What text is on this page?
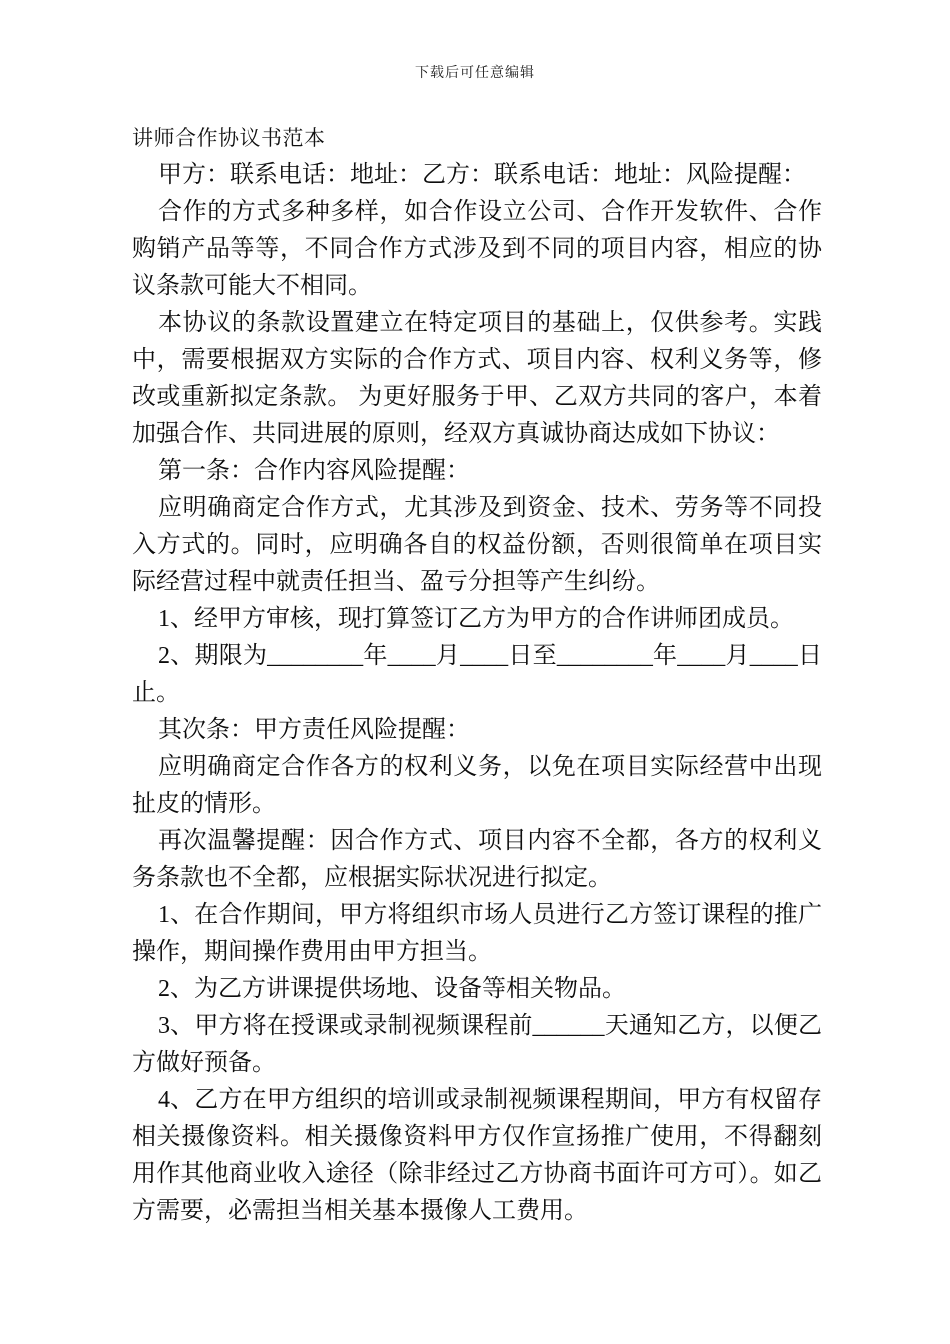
下载后可任意编辑
讲师合作协议书范本

甲方：联系电话：地址：乙方：联系电话：地址：风险提醒：

合作的方式多种多样，如合作设立公司、合作开发软件、合作购销产品等等，不同合作方式涉及到不同的项目内容，相应的协议条款可能大不相同。

本协议的条款设置建立在特定项目的基础上，仅供参考。实践中，需要根据双方实际的合作方式、项目内容、权利义务等，修改或重新拟定条款。 为更好服务于甲、乙双方共同的客户，本着加强合作、共同进展的原则，经双方真诚协商达成如下协议：

第一条：合作内容风险提醒：

应明确商定合作方式，尤其涉及到资金、技术、劳务等不同投入方式的。同时，应明确各自的权益份额，否则很简单在项目实际经营过程中就责任担当、盈亏分担等产生纠纷。

1、经甲方审核，现打算签订乙方为甲方的合作讲师团成员。

2、期限为________年____月____日至________年____月____日止。

其次条：甲方责任风险提醒：

应明确商定合作各方的权利义务，以免在项目实际经营中出现扯皮的情形。

再次温馨提醒：因合作方式、项目内容不全都，各方的权利义务条款也不全都，应根据实际状况进行拟定。

1、在合作期间，甲方将组织市场人员进行乙方签订课程的推广操作，期间操作费用由甲方担当。

2、为乙方讲课提供场地、设备等相关物品。

3、甲方将在授课或录制视频课程前______天通知乙方，以便乙方做好预备。

4、乙方在甲方组织的培训或录制视频课程期间，甲方有权留存相关摄像资料。相关摄像资料甲方仅作宣扬推广使用，不得翻刻用作其他商业收入途径（除非经过乙方协商书面许可方可）。如乙方需要，必需担当相关基本摄像人工费用。
